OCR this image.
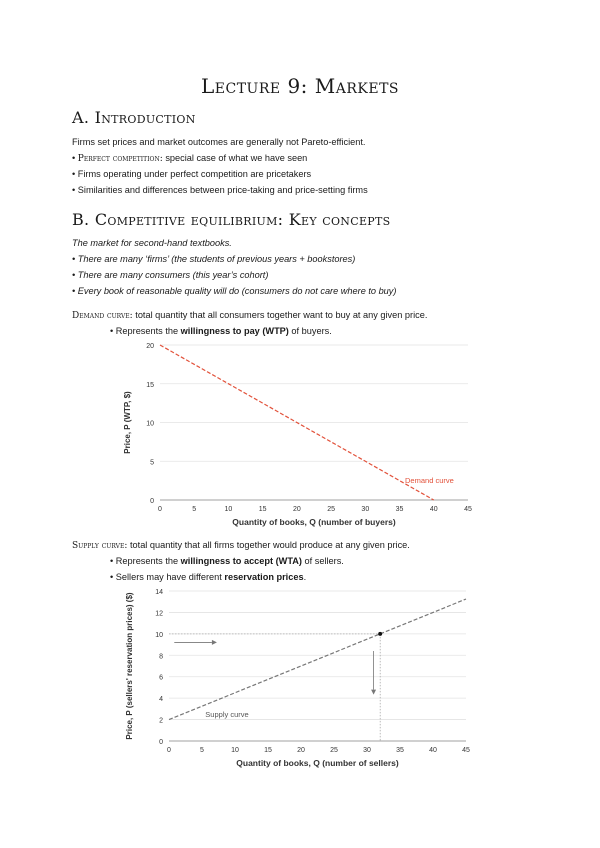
Lecture 9: Markets
A. Introduction
Firms set prices and market outcomes are generally not Pareto-efficient.
• Perfect competition: special case of what we have seen
• Firms operating under perfect competition are pricetakers
• Similarities and differences between price-taking and price-setting firms
B. Competitive equilibrium: Key concepts
The market for second-hand textbooks.
• There are many ‘firms’ (the students of previous years + bookstores)
• There are many consumers (this year’s cohort)
• Every book of reasonable quality will do (consumers do not care where to buy)
Demand curve: total quantity that all consumers together want to buy at any given price.
• Represents the willingness to pay (WTP) of buyers.
0
5
10
15
20
0	5	10	15	20	25	30	35	40	45
Quantity of books, Q (number of buyers)
Price, P (WTP, $)
Demand curve
Supply curve: total quantity that all firms together would produce at any given price.
• Represents the willingness to accept (WTA) of sellers.
• Sellers may have different reservation prices.
0
2
4
6
8
10
12
14
0	5	10	15	20	25	30	35	40	45
Quantity of books, Q (number of sellers)
Price, P (sellers' reservation prices) ($)	Supply curve
